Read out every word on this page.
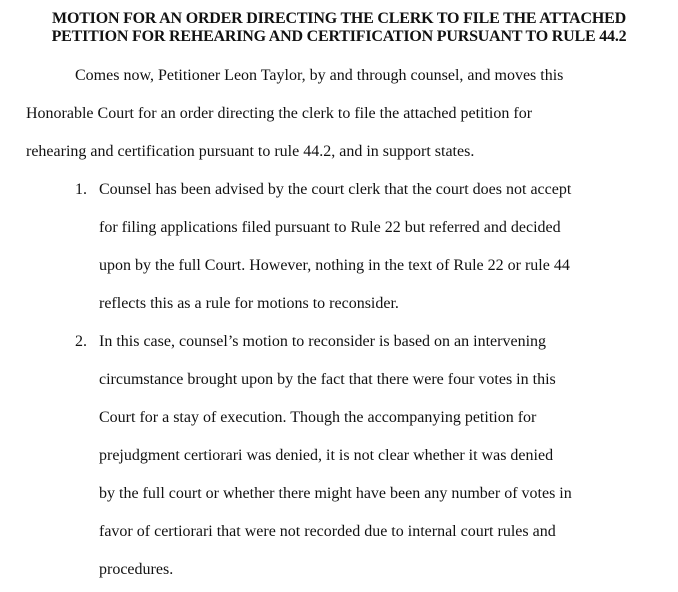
MOTION FOR AN ORDER DIRECTING THE CLERK TO FILE THE ATTACHED
PETITION FOR REHEARING AND CERTIFICATION PURSUANT TO RULE 44.2

Comes now, Petitioner Leon Taylor, by and through counsel, and moves this

Honorable Court for an order directing the clerk to file the attached petition for

rehearing and certification pursuant to rule 44.2, and in support states.

1. Counsel has been advised by the court clerk that the court does not accept

for filing applications filed pursuant to Rule 22 but referred and decided

upon by the full Court. However, nothing in the text of Rule 22 or rule 44

reflects this as a rule for motions to reconsider.

2. In this case, counsel’s motion to reconsider is based on an intervening

circumstance brought upon by the fact that there were four votes in this

Court for a stay of execution. Though the accompanying petition for

prejudgment certiorari was denied, it is not clear whether it was denied

by the full court or whether there might have been any number of votes in

favor of certiorari that were not recorded due to internal court rules and

procedures.
